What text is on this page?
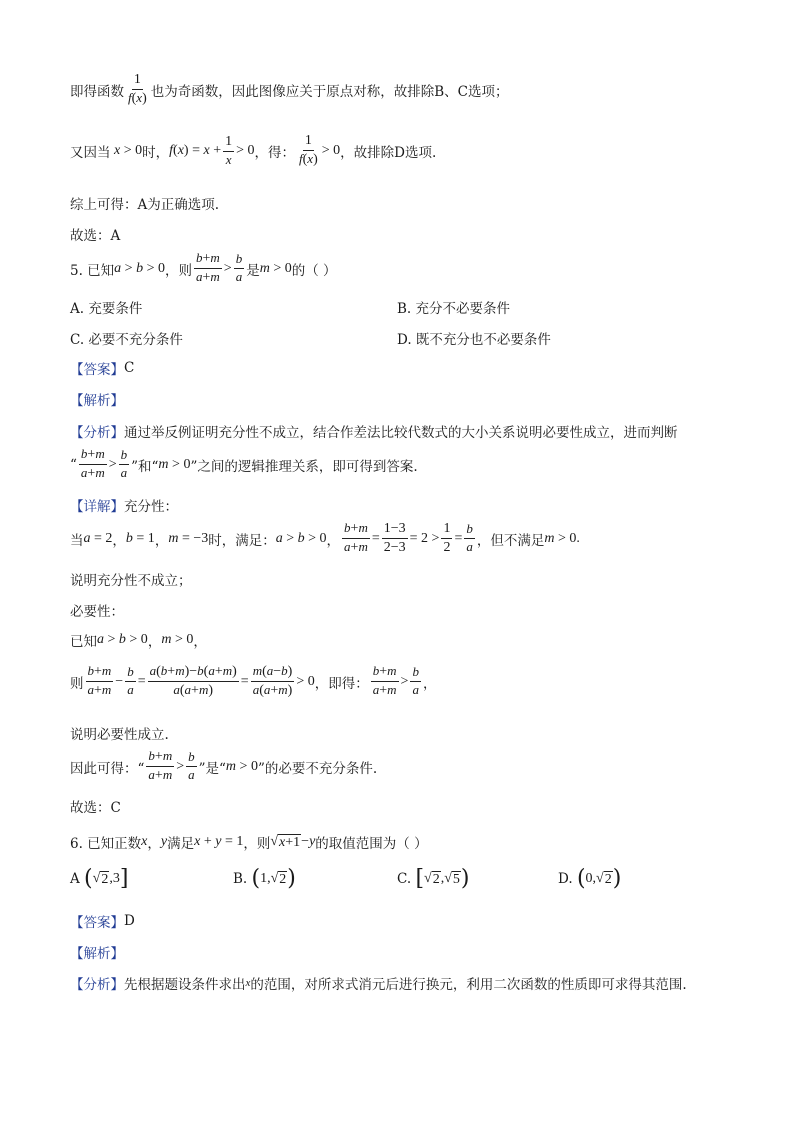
即得函数 $\frac{1}{f(x)}$ 也为奇函数，因此图像应关于原点对称，故排除B、C选项；
又因当 x > 0 时， $f(x) = x + \frac{1}{x} > 0$ ，得： $\frac{1}{f(x)} > 0$ ，故排除D选项.
综上可得：A为正确选项.
故选：A
5. 已知 a > b > 0 ，则 $\frac{b+m}{a+m} > \frac{b}{a}$ 是 m > 0 的（ ）
A. 充要条件	B. 充分不必要条件
C. 必要不充分条件	D. 既不充分也不必要条件
【答案】 C
【解析】
【分析】 通过举反例证明充分性不成立，结合作差法比较代数式的大小关系说明必要性成立，进而判断
“ $\frac{b+m}{a+m} > \frac{b}{a}$ ”和“ m > 0 ”之间的逻辑推理关系，即可得到答案.
【详解】 充分性：
当 a = 2 ， b = 1 ， m = −3 时，满足： a > b > 0 ， $\frac{b+m}{a+m} = \frac{1-3}{2-3} = 2 > \frac{1}{2} = \frac{b}{a}$ ，但不满足 m > 0.
说明充分性不成立；
必要性：
已知 a > b > 0 ， m > 0 ，
则 $\frac{b+m}{a+m} - \frac{b}{a} = \frac{a(b+m)-b(a+m)}{a(a+m)} = \frac{m(a-b)}{a(a+m)} > 0$ ，即得： $\frac{b+m}{a+m} > \frac{b}{a}$ ，
说明必要性成立.
因此可得：“ $\frac{b+m}{a+m} > \frac{b}{a}$ ”是“ m > 0 ”的必要不充分条件.
故选：C
6. 已知正数 x ， y 满足 x + y = 1 ，则 √ x+1 −y 的取值范围为（ ）
A
( √ 2 ,3 ]	B.
( 1, √ 2 )	C.
[ √ 2 , √ 5 )	D.
( 0, √ 2 )
【答案】 D
【解析】
【分析】 先根据题设条件求出 x 的范围，对所求式消元后进行换元，利用二次函数的性质即可求得其范围.
